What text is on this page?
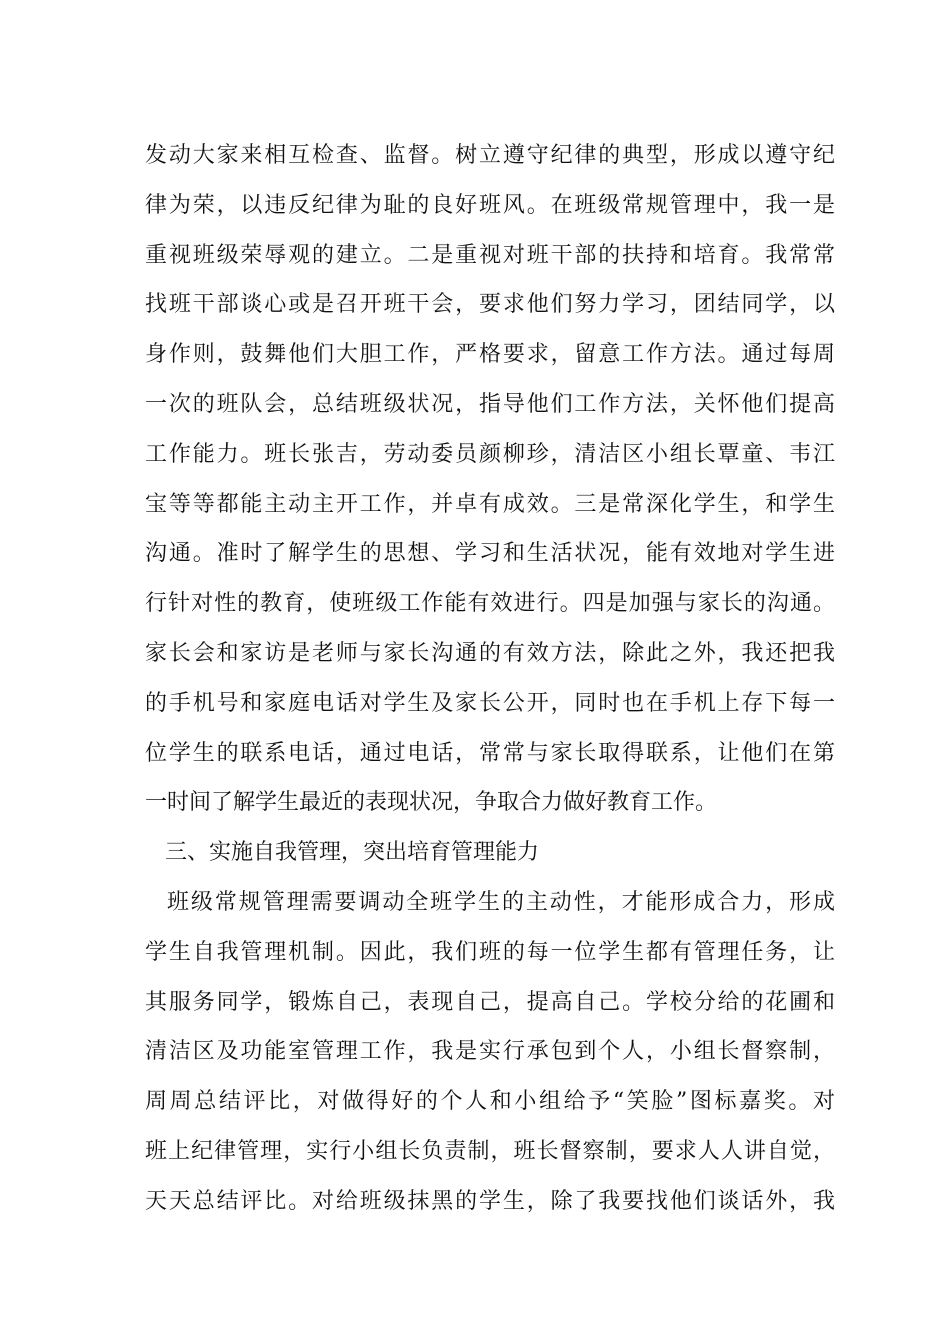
发动大家来相互检查、监督。树立遵守纪律的典型，形成以遵守纪
律为荣，以违反纪律为耻的良好班风。在班级常规管理中，我一是
重视班级荣辱观的建立。二是重视对班干部的扶持和培育。我常常
找班干部谈心或是召开班干会，要求他们努力学习，团结同学，以
身作则，鼓舞他们大胆工作，严格要求，留意工作方法。通过每周
一次的班队会，总结班级状况，指导他们工作方法，关怀他们提高
工作能力。班长张吉，劳动委员颜柳珍，清洁区小组长覃童、韦江
宝等等都能主动主开工作，并卓有成效。三是常深化学生，和学生
沟通。准时了解学生的思想、学习和生活状况，能有效地对学生进
行针对性的教育，使班级工作能有效进行。四是加强与家长的沟通。
家长会和家访是老师与家长沟通的有效方法，除此之外，我还把我
的手机号和家庭电话对学生及家长公开，同时也在手机上存下每一
位学生的联系电话，通过电话，常常与家长取得联系，让他们在第
一时间了解学生最近的表现状况，争取合力做好教育工作。
三、实施自我管理，突出培育管理能力
班级常规管理需要调动全班学生的主动性，才能形成合力，形成
学生自我管理机制。因此，我们班的每一位学生都有管理任务，让
其服务同学，锻炼自己，表现自己，提高自己。学校分给的花圃和
清洁区及功能室管理工作，我是实行承包到个人，小组长督察制，
周周总结评比，对做得好的个人和小组给予“笑脸”图标嘉奖。对
班上纪律管理，实行小组长负责制，班长督察制，要求人人讲自觉，
天天总结评比。对给班级抹黑的学生，除了我要找他们谈话外，我
